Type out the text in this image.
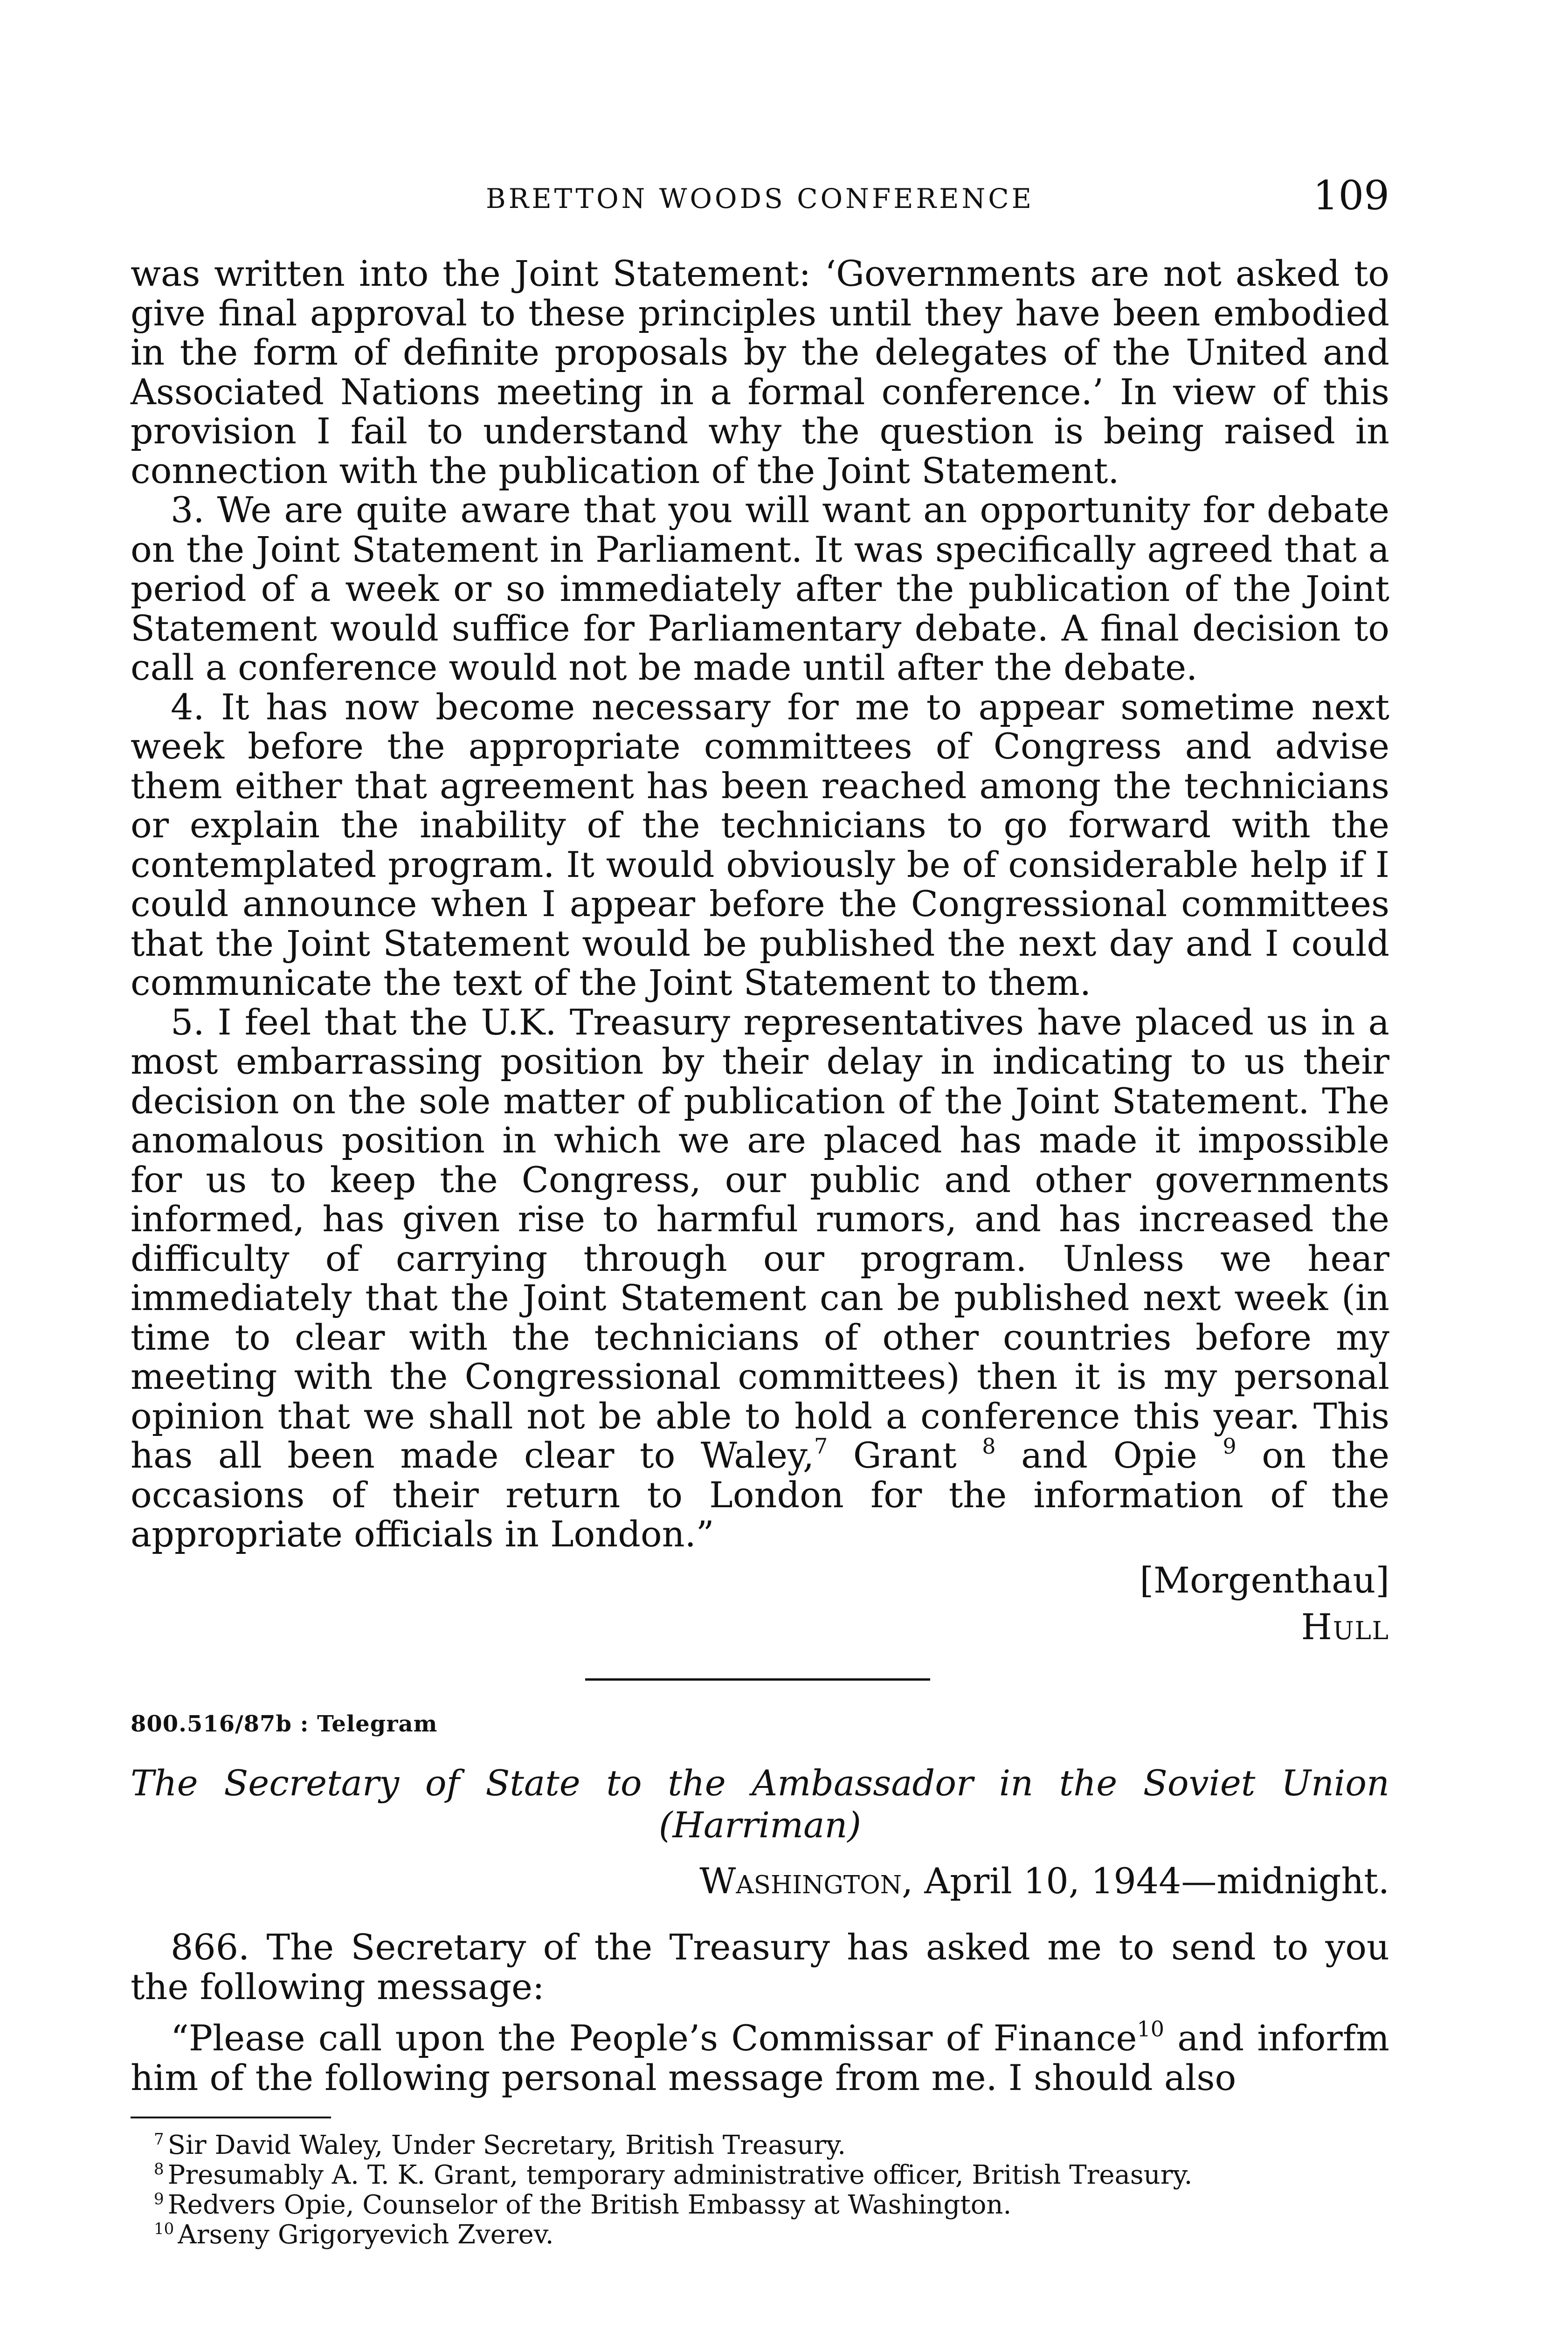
BRETTON WOODS CONFERENCE	109

was written into the Joint Statement: ‘Governments are not asked to give final approval to these principles until they have been embodied in the form of definite proposals by the delegates of the United and Associated Nations meeting in a formal conference.’ In view of this provision I fail to understand why the question is being raised in connection with the publication of the Joint Statement.

3. We are quite aware that you will want an opportunity for debate on the Joint Statement in Parliament. It was specifically agreed that a period of a week or so immediately after the publication of the Joint Statement would suffice for Parliamentary debate. A final decision to call a conference would not be made until after the debate.

4. It has now become necessary for me to appear sometime next week before the appropriate committees of Congress and advise them either that agreement has been reached among the technicians or explain the inability of the technicians to go forward with the contemplated program. It would obviously be of considerable help if I could announce when I appear before the Congressional committees that the Joint Statement would be published the next day and I could communicate the text of the Joint Statement to them.

5. I feel that the U.K. Treasury representatives have placed us in a most embarrassing position by their delay in indicating to us their decision on the sole matter of publication of the Joint Statement. The anomalous position in which we are placed has made it impossible for us to keep the Congress, our public and other governments informed, has given rise to harmful rumors, and has increased the difficulty of carrying through our program. Unless we hear immediately that the Joint Statement can be published next week (in time to clear with the technicians of other countries before my meeting with the Congressional committees) then it is my personal opinion that we shall not be able to hold a conference this year. This has all been made clear to Waley,$^7$ Grant $^8$ and Opie $^9$ on the occasions of their return to London for the information of the appropriate officials in London.”

[Morgenthau]
Hull
800.516/87b : Telegram

The Secretary of State to the Ambassador in the Soviet Union

(Harriman)

Washington, April 10, 1944—midnight.

866. The Secretary of the Treasury has asked me to send to you the following message:

“Please call upon the People’s Commissar of Finance$^{10}$ and inforfm him of the following personal message from me. I should also

$^7$ Sir David Waley, Under Secretary, British Treasury.

$^8$ Presumably A. T. K. Grant, temporary administrative officer, British Treasury.

$^9$ Redvers Opie, Counselor of the British Embassy at Washington.

$^{10}$ Arseny Grigoryevich Zverev.
